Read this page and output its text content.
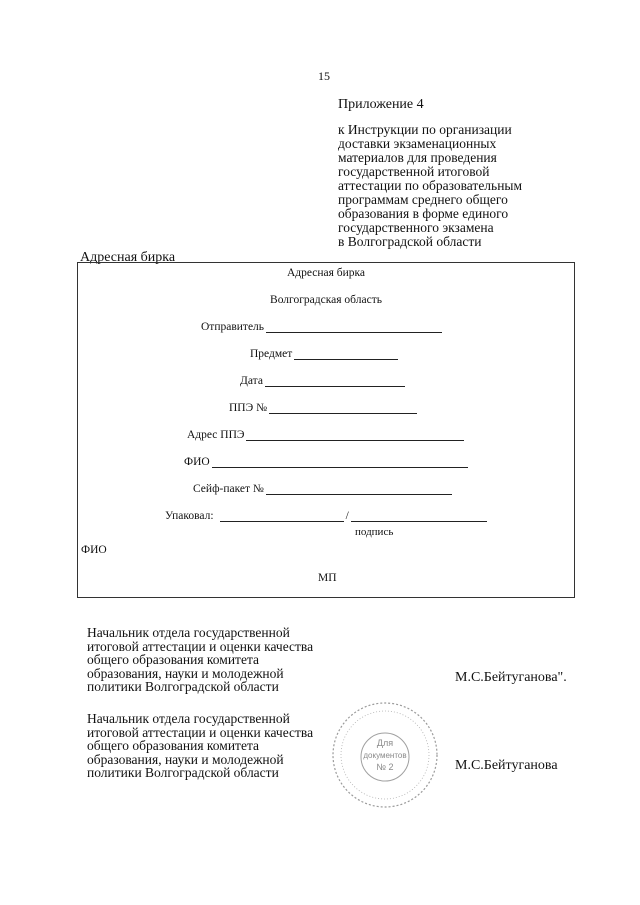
15
Приложение 4
к Инструкции по организации
доставки экзаменационных
материалов для проведения
государственной итоговой
аттестации по образовательным
программам среднего общего
образования в форме единого
государственного экзамена
в Волгоградской области
Адресная бирка
Адресная бирка
Волгоградская область
Отправитель
Предмет
Дата
ППЭ №
Адрес ППЭ
ФИО
Сейф-пакет №
Упаковал:	/
подпись
ФИО
МП
Начальник отдела государственной
итоговой аттестации и оценки качества
общего образования комитета
образования, науки и молодежной
политики Волгоградской области
М.С.Бейтуганова".
Начальник отдела государственной
итоговой аттестации и оценки качества
общего образования комитета
образования, науки и молодежной
политики Волгоградской области	М.С.Бейтуганова
Для
документов
№ 2
